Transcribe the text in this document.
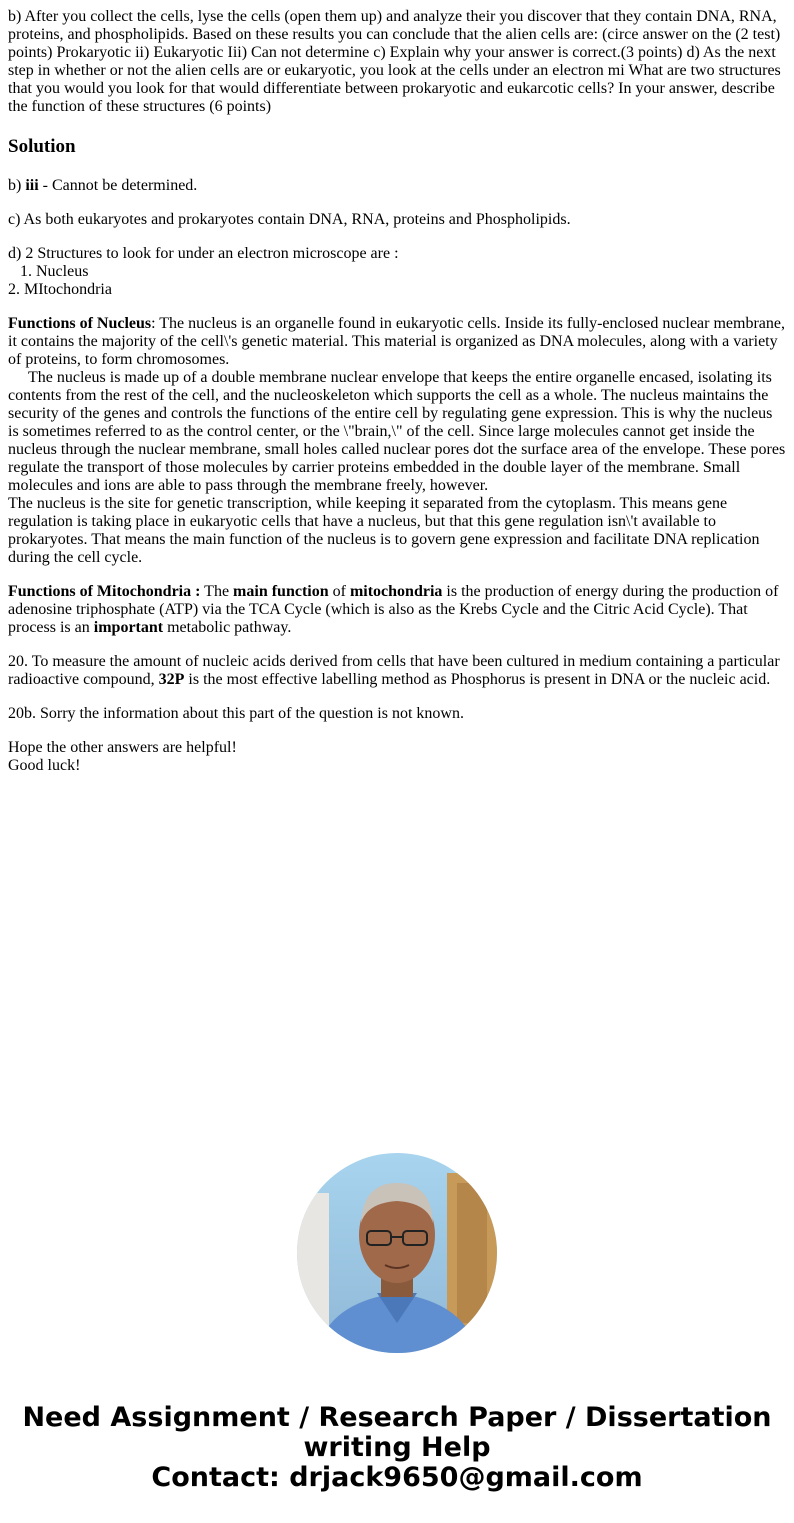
b) After you collect the cells, lyse the cells (open them up) and analyze their you discover that they contain DNA, RNA, proteins, and phospholipids. Based on these results you can conclude that the alien cells are: (circe answer on the (2 test) points) Prokaryotic ii) Eukaryotic Iii) Can not determine c) Explain why your answer is correct.(3 points) d) As the next step in whether or not the alien cells are or eukaryotic, you look at the cells under an electron mi What are two structures that you would you look for that would differentiate between prokaryotic and eukarcotic cells? In your answer, describe the function of these structures (6 points)

Solution

b) iii - Cannot be determined.

c) As both eukaryotes and prokaryotes contain DNA, RNA, proteins and Phospholipids.

d) 2 Structures to look for under an electron microscope are :
1. Nucleus
2. MItochondria

Functions of Nucleus: The nucleus is an organelle found in eukaryotic cells. Inside its fully-enclosed nuclear membrane, it contains the majority of the cell\'s genetic material. This material is organized as DNA molecules, along with a variety of proteins, to form chromosomes.
The nucleus is made up of a double membrane nuclear envelope that keeps the entire organelle encased, isolating its contents from the rest of the cell, and the nucleoskeleton which supports the cell as a whole. The nucleus maintains the security of the genes and controls the functions of the entire cell by regulating gene expression. This is why the nucleus is sometimes referred to as the control center, or the \"brain,\" of the cell. Since large molecules cannot get inside the nucleus through the nuclear membrane, small holes called nuclear pores dot the surface area of the envelope. These pores regulate the transport of those molecules by carrier proteins embedded in the double layer of the membrane. Small molecules and ions are able to pass through the membrane freely, however.
The nucleus is the site for genetic transcription, while keeping it separated from the cytoplasm. This means gene regulation is taking place in eukaryotic cells that have a nucleus, but that this gene regulation isn\'t available to prokaryotes. That means the main function of the nucleus is to govern gene expression and facilitate DNA replication during the cell cycle.

Functions of Mitochondria : The main function of mitochondria is the production of energy during the production of adenosine triphosphate (ATP) via the TCA Cycle (which is also as the Krebs Cycle and the Citric Acid Cycle). That process is an important metabolic pathway.

20. To measure the amount of nucleic acids derived from cells that have been cultured in medium containing a particular radioactive compound, 32P is the most effective labelling method as Phosphorus is present in DNA or the nucleic acid.

20b. Sorry the information about this part of the question is not known.

Hope the other answers are helpful!
Good luck!

Need Assignment / Research Paper / Dissertation
writing Help
Contact: drjack9650@gmail.com
